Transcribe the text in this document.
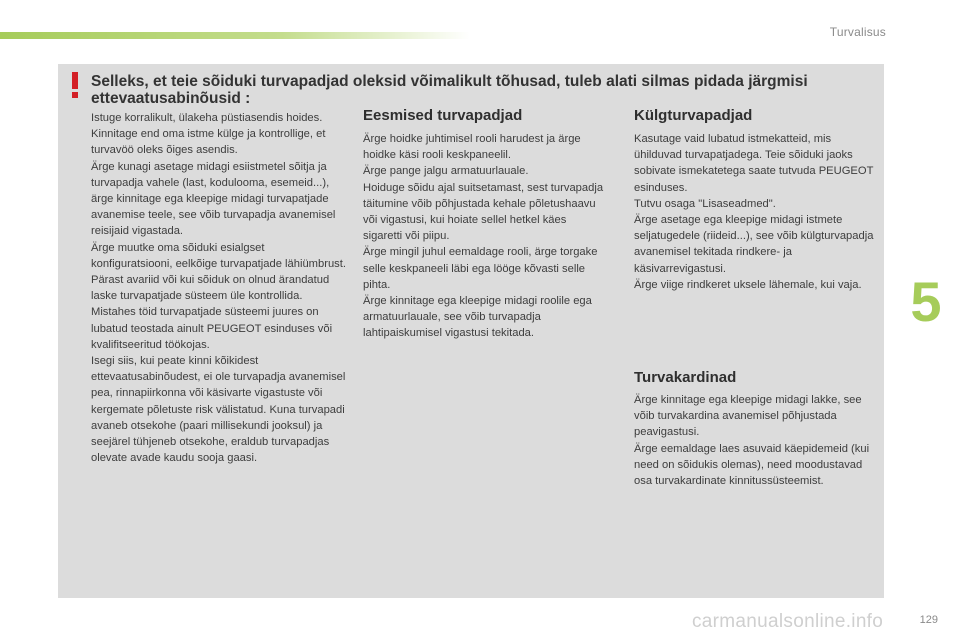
Turvalisus
Selleks, et teie sõiduki turvapadjad oleksid võimalikult tõhusad, tuleb alati silmas pidada järgmisi ettevaatusabinõusid :

Istuge korralikult, ülakeha püstiasendis hoides.

Kinnitage end oma istme külge ja kontrollige, et turvavöö oleks õiges asendis.

Ärge kunagi asetage midagi esiistmetel sõitja ja turvapadja vahele (last, kodulooma, esemeid...), ärge kinnitage ega kleepige midagi turvapatjade avanemise teele, see võib turvapadja avanemisel reisijaid vigastada.

Ärge muutke oma sõiduki esialgset konfiguratsiooni, eelkõige turvapatjade lähiümbrust.

Pärast avariid või kui sõiduk on olnud ärandatud laske turvapatjade süsteem üle kontrollida.

Mistahes töid turvapatjade süsteemi juures on lubatud teostada ainult PEUGEOT esinduses või kvalifitseeritud töökojas.

Isegi siis, kui peate kinni kõikidest ettevaatusabinõudest, ei ole turvapadja avanemisel pea, rinnapiirkonna või käsivarte vigastuste või kergemate põletuste risk välistatud. Kuna turvapadi avaneb otsekohe (paari millisekundi jooksul) ja seejärel tühjeneb otsekohe, eraldub turvapadjas olevate avade kaudu sooja gaasi.

Eesmised turvapadjad

Ärge hoidke juhtimisel rooli harudest ja ärge hoidke käsi rooli keskpaneelil.

Ärge pange jalgu armatuurlauale.

Hoiduge sõidu ajal suitsetamast, sest turvapadja täitumine võib põhjustada kehale põletushaavu või vigastusi, kui hoiate sellel hetkel käes sigaretti või piipu.

Ärge mingil juhul eemaldage rooli, ärge torgake selle keskpaneeli läbi ega lööge kõvasti selle pihta.

Ärge kinnitage ega kleepige midagi roolile ega armatuurlauale, see võib turvapadja lahtipaiskumisel vigastusi tekitada.

Külgturvapadjad

Kasutage vaid lubatud istmekatteid, mis ühilduvad turvapatjadega. Teie sõiduki jaoks sobivate ismekatetega saate tutvuda PEUGEOT esinduses.

Tutvu osaga "Lisaseadmed".

Ärge asetage ega kleepige midagi istmete seljatugedele (riideid...), see võib külgturvapadja avanemisel tekitada rindkere- ja käsivarrevigastusi.

Ärge viige rindkeret uksele lähemale, kui vaja.

Turvakardinad

Ärge kinnitage ega kleepige midagi lakke, see võib turvakardina avanemisel põhjustada peavigastusi.

Ärge eemaldage laes asuvaid käepidemeid (kui need on sõidukis olemas), need moodustavad osa turvakardinate kinnitussüsteemist.

5
carmanualsonline.info	129
